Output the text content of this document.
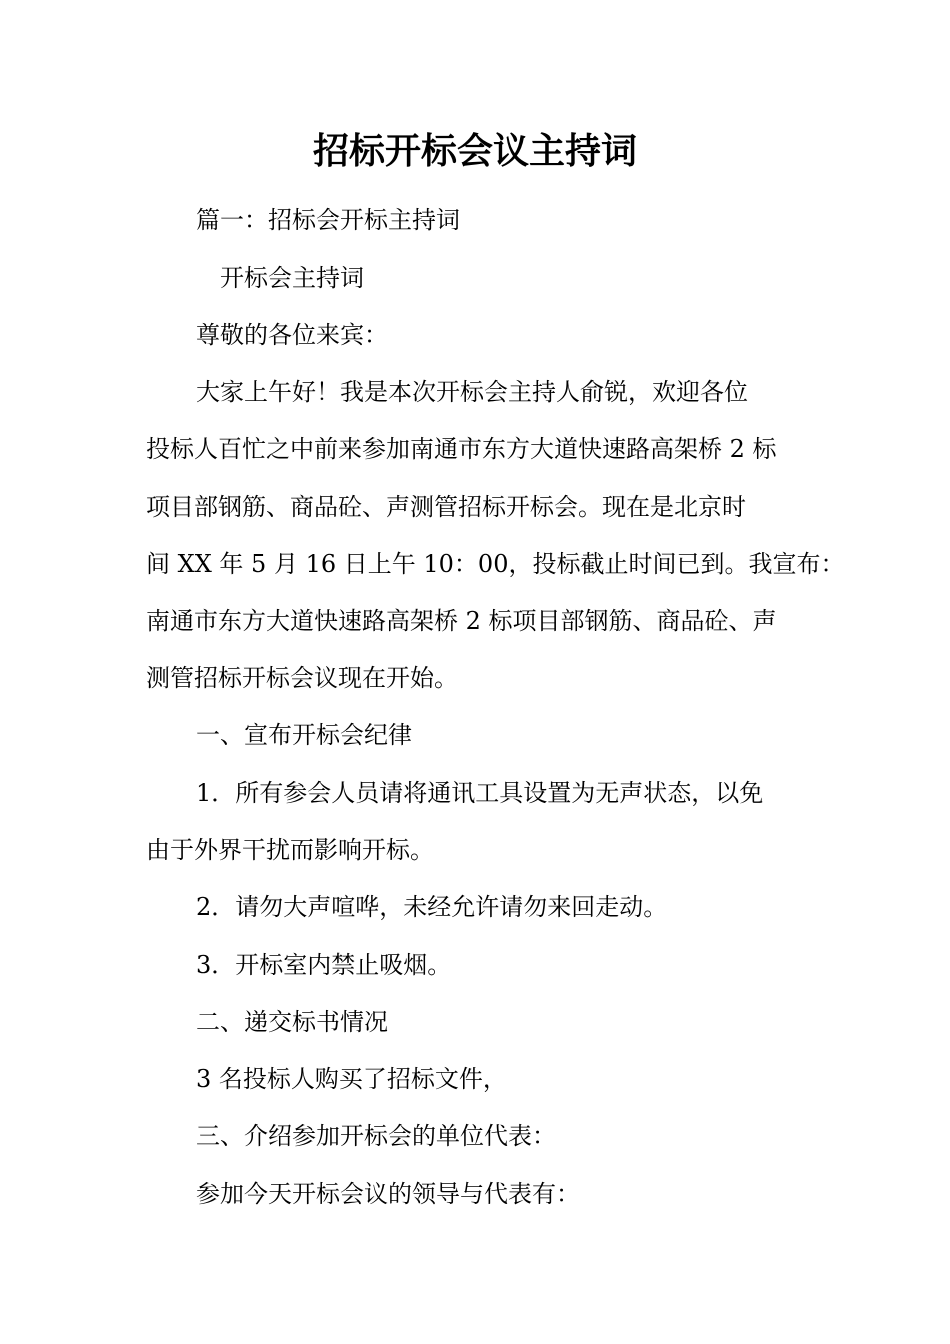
招标开标会议主持词
篇一：招标会开标主持词
开标会主持词
尊敬的各位来宾：
大家上午好！我是本次开标会主持人俞锐，欢迎各位
投标人百忙之中前来参加南通市东方大道快速路高架桥 2 标
项目部钢筋、商品砼、声测管招标开标会。现在是北京时
间 XX 年 5 月 16 日上午 10：00，投标截止时间已到。我宣布：
南通市东方大道快速路高架桥 2 标项目部钢筋、商品砼、声
测管招标开标会议现在开始。
一、宣布开标会纪律
1．所有参会人员请将通讯工具设置为无声状态，以免
由于外界干扰而影响开标。
2．请勿大声喧哗，未经允许请勿来回走动。
3．开标室内禁止吸烟。
二、递交标书情况
3 名投标人购买了招标文件，
三、介绍参加开标会的单位代表：
参加今天开标会议的领导与代表有：
